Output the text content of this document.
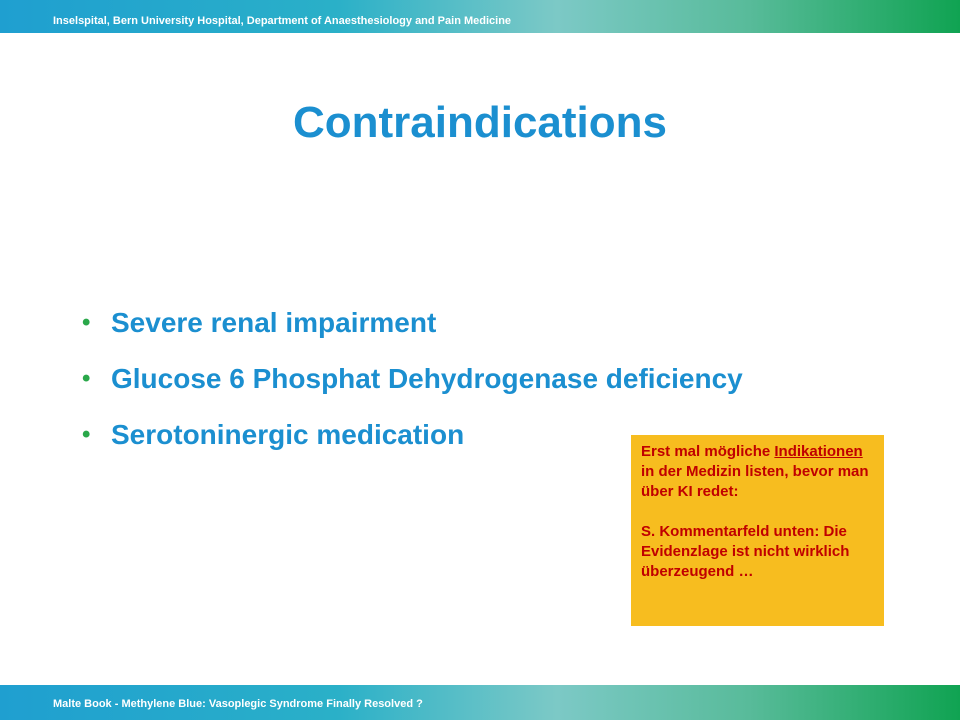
Inselspital, Bern University Hospital, Department of Anaesthesiology and Pain Medicine
Contraindications
• Severe renal impairment
• Glucose 6 Phosphat Dehydrogenase deficiency
• Serotoninergic medication

Erst mal mögliche Indikationen in der Medizin listen, bevor man über KI redet:

S. Kommentarfeld unten: Die Evidenzlage ist nicht wirklich überzeugend …

Malte Book - Methylene Blue: Vasoplegic Syndrome Finally Resolved ?
